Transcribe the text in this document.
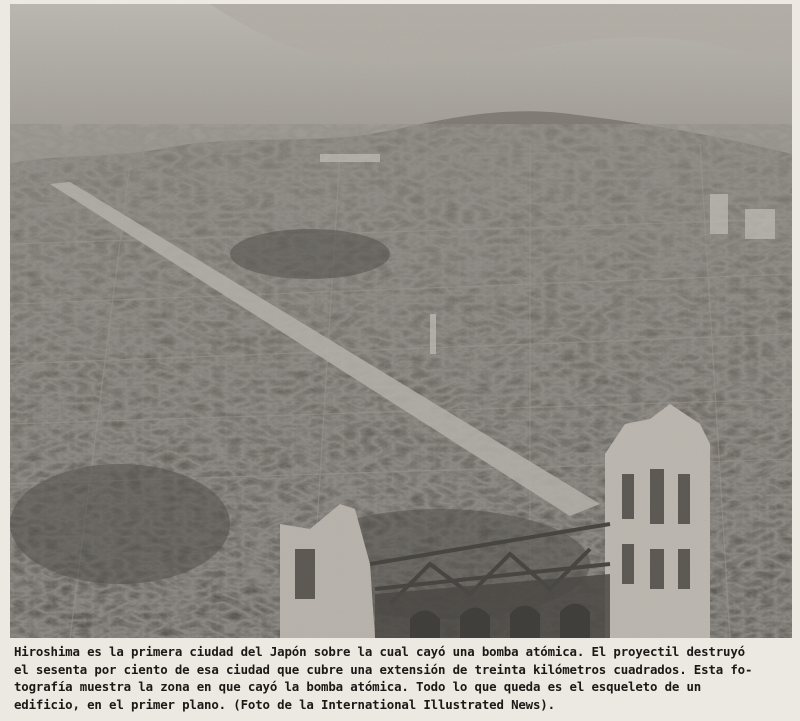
Hiroshima es la primera ciudad del Japón sobre la cual cayó una bomba atómica. El proyectil destruyó
el sesenta por ciento de esa ciudad que cubre una extensión de treinta kilómetros cuadrados. Esta fo-
tografía muestra la zona en que cayó la bomba atómica. Todo lo que queda es el esqueleto de un
edificio, en el primer plano. (Foto de la International Illustrated News).
